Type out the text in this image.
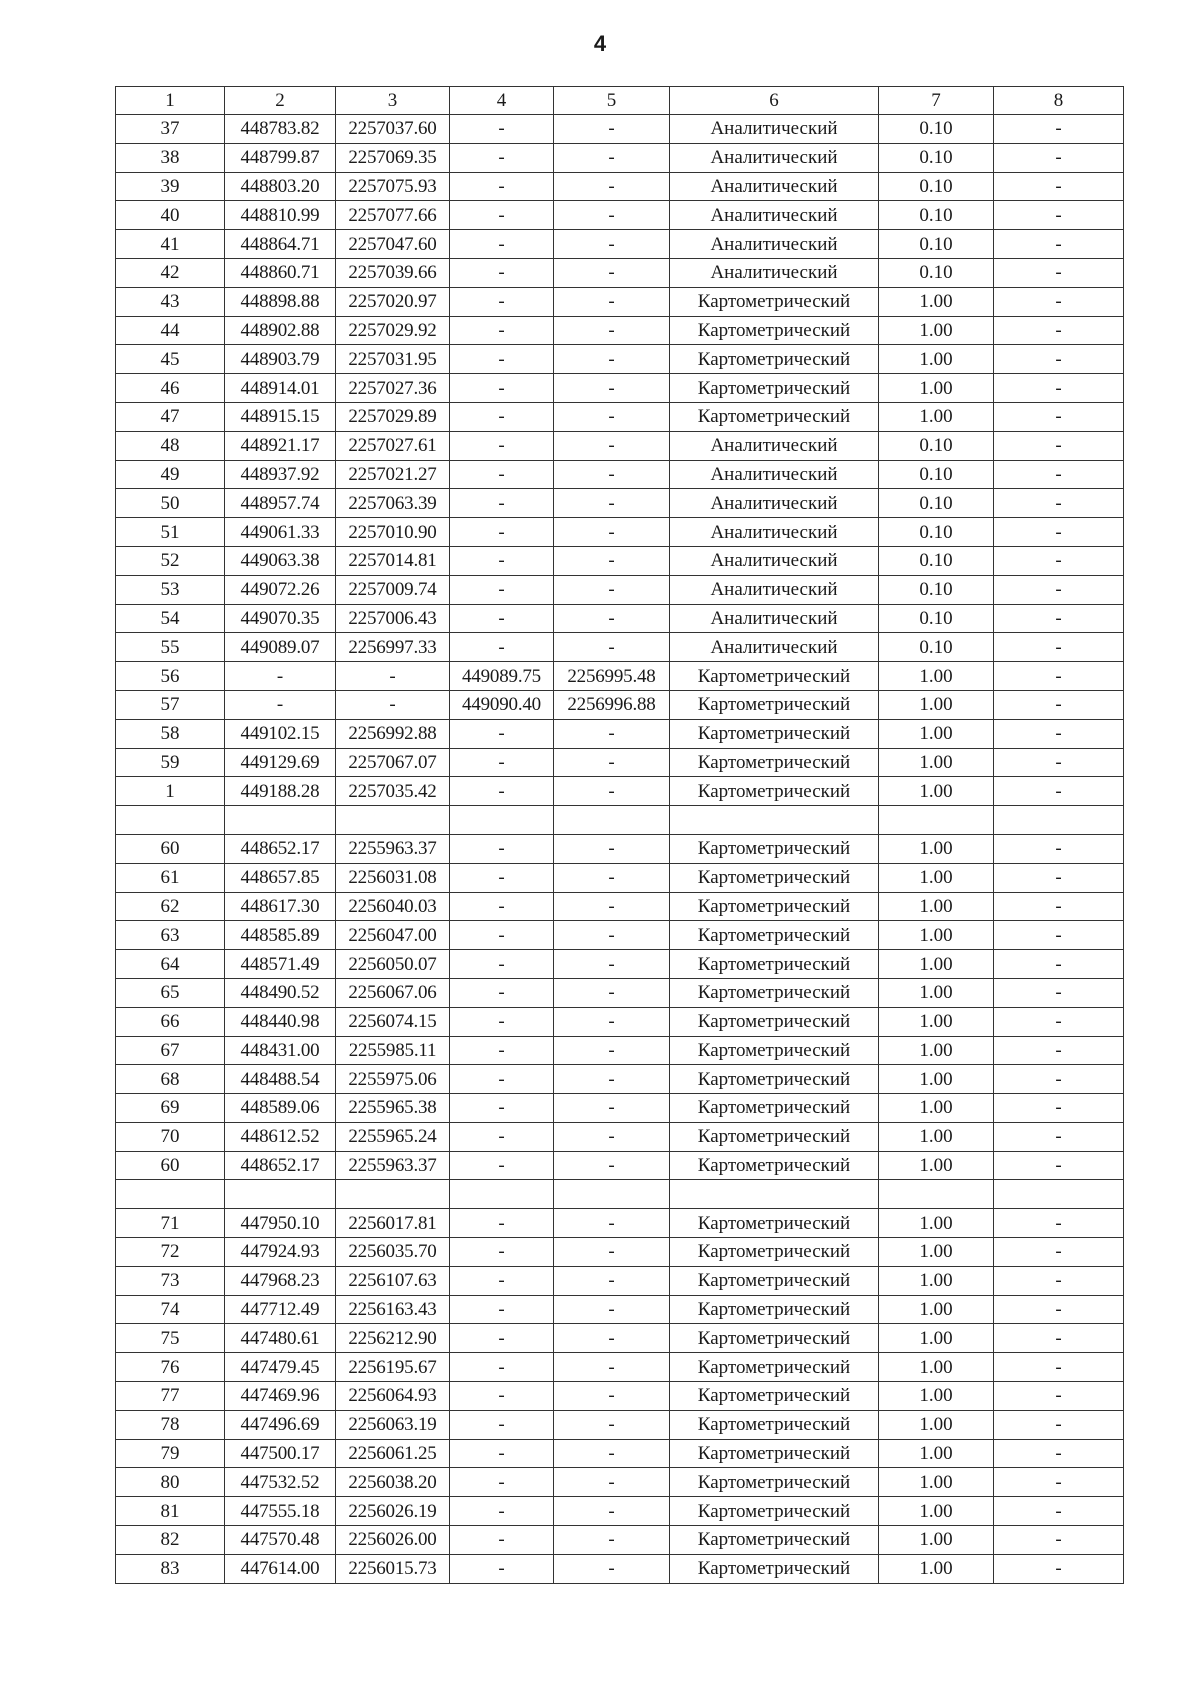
4
1	2	3	4	5	6	7	8
37	448783.82	2257037.60	-	-	Аналитический	0.10	-
38	448799.87	2257069.35	-	-	Аналитический	0.10	-
39	448803.20	2257075.93	-	-	Аналитический	0.10	-
40	448810.99	2257077.66	-	-	Аналитический	0.10	-
41	448864.71	2257047.60	-	-	Аналитический	0.10	-
42	448860.71	2257039.66	-	-	Аналитический	0.10	-
43	448898.88	2257020.97	-	-	Картометрический	1.00	-
44	448902.88	2257029.92	-	-	Картометрический	1.00	-
45	448903.79	2257031.95	-	-	Картометрический	1.00	-
46	448914.01	2257027.36	-	-	Картометрический	1.00	-
47	448915.15	2257029.89	-	-	Картометрический	1.00	-
48	448921.17	2257027.61	-	-	Аналитический	0.10	-
49	448937.92	2257021.27	-	-	Аналитический	0.10	-
50	448957.74	2257063.39	-	-	Аналитический	0.10	-
51	449061.33	2257010.90	-	-	Аналитический	0.10	-
52	449063.38	2257014.81	-	-	Аналитический	0.10	-
53	449072.26	2257009.74	-	-	Аналитический	0.10	-
54	449070.35	2257006.43	-	-	Аналитический	0.10	-
55	449089.07	2256997.33	-	-	Аналитический	0.10	-
56	-	-	449089.75	2256995.48	Картометрический	1.00	-
57	-	-	449090.40	2256996.88	Картометрический	1.00	-
58	449102.15	2256992.88	-	-	Картометрический	1.00	-
59	449129.69	2257067.07	-	-	Картометрический	1.00	-
1	449188.28	2257035.42	-	-	Картометрический	1.00	-

60	448652.17	2255963.37	-	-	Картометрический	1.00	-
61	448657.85	2256031.08	-	-	Картометрический	1.00	-
62	448617.30	2256040.03	-	-	Картометрический	1.00	-
63	448585.89	2256047.00	-	-	Картометрический	1.00	-
64	448571.49	2256050.07	-	-	Картометрический	1.00	-
65	448490.52	2256067.06	-	-	Картометрический	1.00	-
66	448440.98	2256074.15	-	-	Картометрический	1.00	-
67	448431.00	2255985.11	-	-	Картометрический	1.00	-
68	448488.54	2255975.06	-	-	Картометрический	1.00	-
69	448589.06	2255965.38	-	-	Картометрический	1.00	-
70	448612.52	2255965.24	-	-	Картометрический	1.00	-
60	448652.17	2255963.37	-	-	Картометрический	1.00	-

71	447950.10	2256017.81	-	-	Картометрический	1.00	-
72	447924.93	2256035.70	-	-	Картометрический	1.00	-
73	447968.23	2256107.63	-	-	Картометрический	1.00	-
74	447712.49	2256163.43	-	-	Картометрический	1.00	-
75	447480.61	2256212.90	-	-	Картометрический	1.00	-
76	447479.45	2256195.67	-	-	Картометрический	1.00	-
77	447469.96	2256064.93	-	-	Картометрический	1.00	-
78	447496.69	2256063.19	-	-	Картометрический	1.00	-
79	447500.17	2256061.25	-	-	Картометрический	1.00	-
80	447532.52	2256038.20	-	-	Картометрический	1.00	-
81	447555.18	2256026.19	-	-	Картометрический	1.00	-
82	447570.48	2256026.00	-	-	Картометрический	1.00	-
83	447614.00	2256015.73	-	-	Картометрический	1.00	-
